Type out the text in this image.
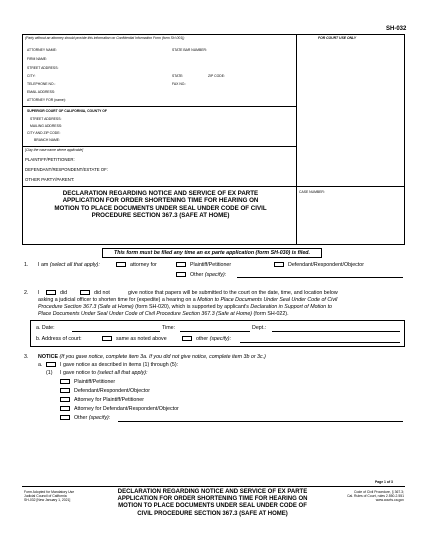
SH-032
(Party without an attorney should provide this information on Confidential Information Form (form SH-001))	FOR COURT USE ONLY
ATTORNEY NAME:	STATE BAR NUMBER:
FIRM NAME:
STREET ADDRESS:
CITY:	STATE:	ZIP CODE:
TELEPHONE NO.:	FAX NO.:
EMAIL ADDRESS:
ATTORNEY FOR (name):
SUPERIOR COURT OF CALIFORNIA, COUNTY OF
STREET ADDRESS:
MAILING ADDRESS:
CITY AND ZIP CODE:
BRANCH NAME:
[Clay the case name where applicable]
PLAINTIFF/PETITIONER:
DEFENDANT/RESPONDENT/ESTATE OF:
OTHER PARTY/PARENT:
CASE NUMBER:
DECLARATION REGARDING NOTICE AND SERVICE OF EX PARTE
APPLICATION FOR ORDER SHORTENING TIME FOR HEARING ON
MOTION TO PLACE DOCUMENTS UNDER SEAL UNDER CODE OF CIVIL
PROCEDURE SECTION 367.3 (SAFE AT HOME)
This form must be filed any time an ex parte application (form SH-030) is filed.
1. I am (select all that apply):	attorney for	Plaintiff/Petitioner	Defendant/Respondent/Objector
Other (specify):
2. I	did	did not	give notice that papers will be submitted to the court on the date, time, and location below
asking a judicial officer to shorten time for (expedite) a hearing on a Motion to Place Documents Under Seal Under Code of Civil
Procedure Section 367.3 (Safe at Home) (form SH-020), which is supported by applicant's Declaration in Support of Motion to
Place Documents Under Seal Under Code of Civil Procedure Section 367.3 (Safe at Home) (form SH-022).
a. Date:	Time:	Dept.:
b. Address of court:	same as noted above	other (specify):
3. NOTICE (If you gave notice, complete item 3a. If you did not give notice, complete item 3b or 3c.)
a.	I gave notice as described in items (1) through (5):
(1) I gave notice to (select all that apply):
Plaintiff/Petitioner
Defendant/Respondent/Objector
Attorney for Plaintiff/Petitioner
Attorney for Defendant/Respondent/Objector
Other (specify):
Page 1 of 3
Form Adopted for Mandatory Use
Judicial Council of California
SH-032 [New January 1, 2021]
DECLARATION REGARDING NOTICE AND SERVICE OF EX PARTE
APPLICATION FOR ORDER SHORTENING TIME FOR HEARING ON
MOTION TO PLACE DOCUMENTS UNDER SEAL UNDER CODE OF
CIVIL PROCEDURE SECTION 367.3 (SAFE AT HOME)
Code of Civil Procedure, § 367.3;
Cal. Rules of Court, rules 2.550-2.551
www.courts.ca.gov
